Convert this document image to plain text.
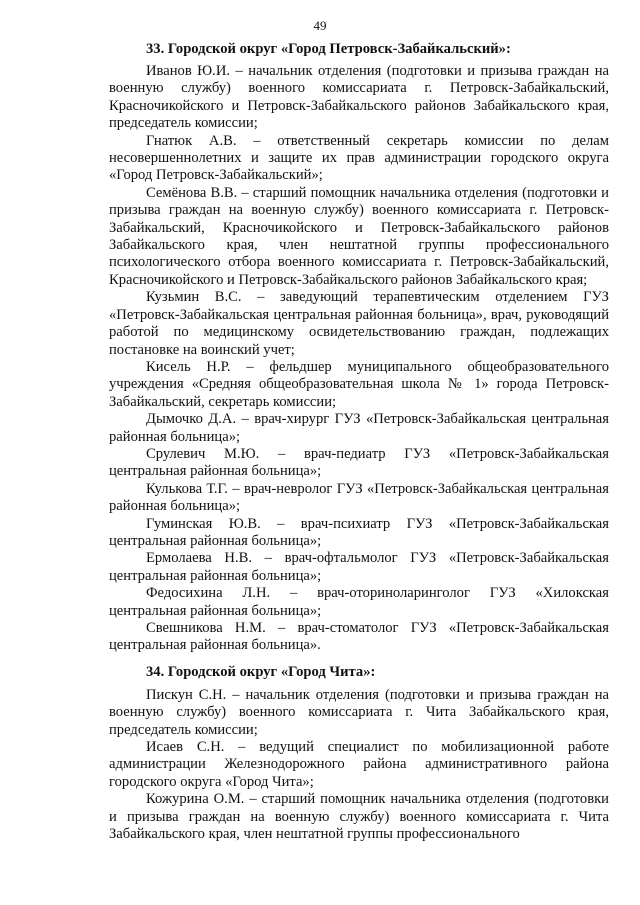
49
33. Городской округ «Город Петровск-Забайкальский»:

Иванов Ю.И. – начальник отделения (подготовки и призыва граждан на военную службу) военного комиссариата г. Петровск-Забайкальский, Красночикойского и Петровск-Забайкальского районов Забайкальского края, председатель комиссии;

Гнатюк А.В. – ответственный секретарь комиссии по делам несовершеннолетних и защите их прав администрации городского округа «Город Петровск-Забайкальский»;

Семёнова В.В. – старший помощник начальника отделения (подготовки и призыва граждан на военную службу) военного комиссариата г. Петровск-Забайкальский, Красночикойского и Петровск-Забайкальского районов Забайкальского края, член нештатной группы профессионального психологического отбора военного комиссариата г. Петровск-Забайкальский, Красночикойского и Петровск-Забайкальского районов Забайкальского края;

Кузьмин В.С. – заведующий терапевтическим отделением ГУЗ «Петровск-Забайкальская центральная районная больница», врач, руководящий работой по медицинскому освидетельствованию граждан, подлежащих постановке на воинский учет;

Кисель Н.Р. – фельдшер муниципального общеобразовательного учреждения «Средняя общеобразовательная школа № 1» города Петровск-Забайкальский, секретарь комиссии;

Дымочко Д.А. – врач-хирург ГУЗ «Петровск-Забайкальская центральная районная больница»;

Срулевич М.Ю. – врач-педиатр ГУЗ «Петровск-Забайкальская центральная районная больница»;

Кулькова Т.Г. – врач-невролог ГУЗ «Петровск-Забайкальская центральная районная больница»;

Гуминская Ю.В. – врач-психиатр ГУЗ «Петровск-Забайкальская центральная районная больница»;

Ермолаева Н.В. – врач-офтальмолог ГУЗ «Петровск-Забайкальская центральная районная больница»;

Федосихина Л.Н. – врач-оториноларинголог ГУЗ «Хилокская центральная районная больница»;

Свешникова Н.М. – врач-стоматолог ГУЗ «Петровск-Забайкальская центральная районная больница».

34. Городской округ «Город Чита»:

Пискун С.Н. – начальник отделения (подготовки и призыва граждан на военную службу) военного комиссариата г. Чита Забайкальского края, председатель комиссии;

Исаев С.Н. – ведущий специалист по мобилизационной работе администрации Железнодорожного района административного района городского округа «Город Чита»;

Кожурина О.М. – старший помощник начальника отделения (подготовки и призыва граждан на военную службу) военного комиссариата г. Чита Забайкальского края, член нештатной группы профессионального
